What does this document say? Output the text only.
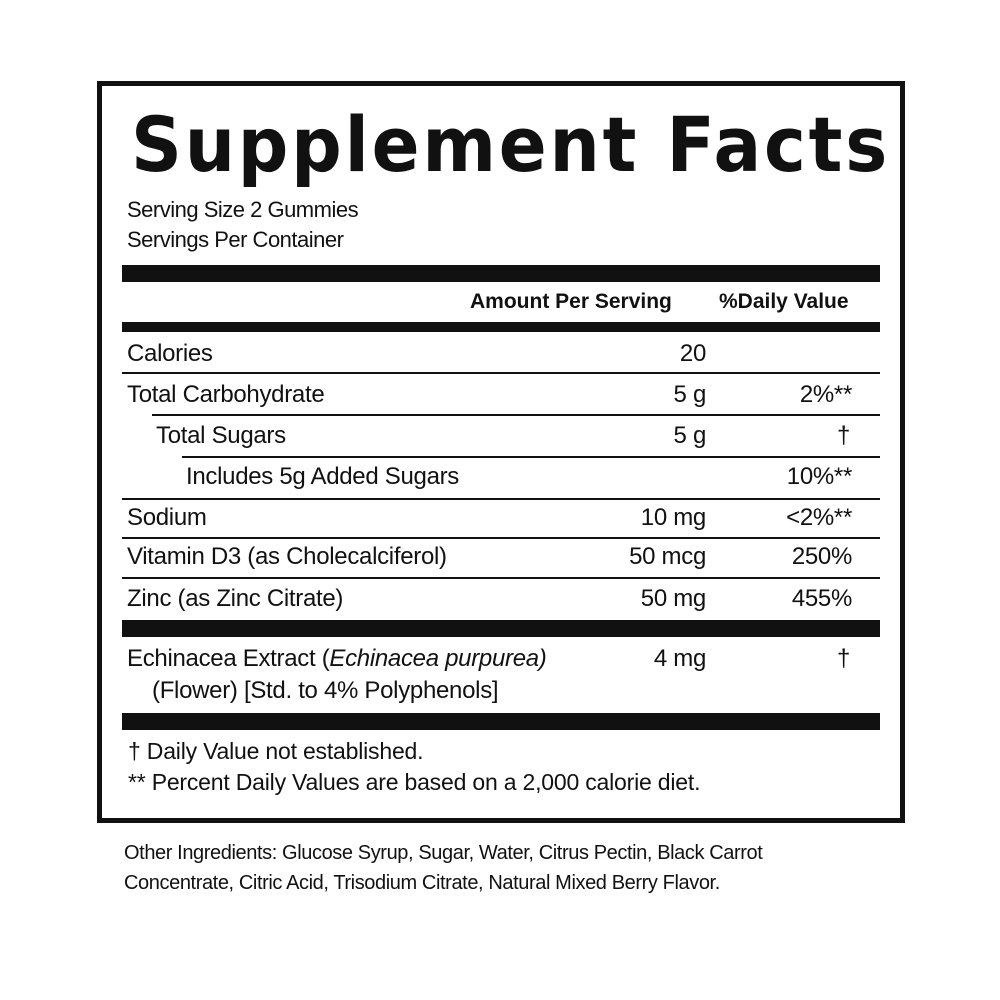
Supplement Facts
Serving Size 2 Gummies
Servings Per Container
Amount Per Serving %Daily Value
Calories	20
Total Carbohydrate	5 g	2%**
Total Sugars	5 g	†
Includes 5g Added Sugars	10%**
Sodium	10 mg	<2%**
Vitamin D3 (as Cholecalciferol)	50 mcg	250%
Zinc (as Zinc Citrate)	50 mg	455%
Echinacea Extract (Echinacea purpurea)
(Flower) [Std. to 4% Polyphenols]
4 mg	†
† Daily Value not established.
** Percent Daily Values are based on a 2,000 calorie diet.
Other Ingredients: Glucose Syrup, Sugar, Water, Citrus Pectin, Black Carrot
Concentrate, Citric Acid, Trisodium Citrate, Natural Mixed Berry Flavor.
